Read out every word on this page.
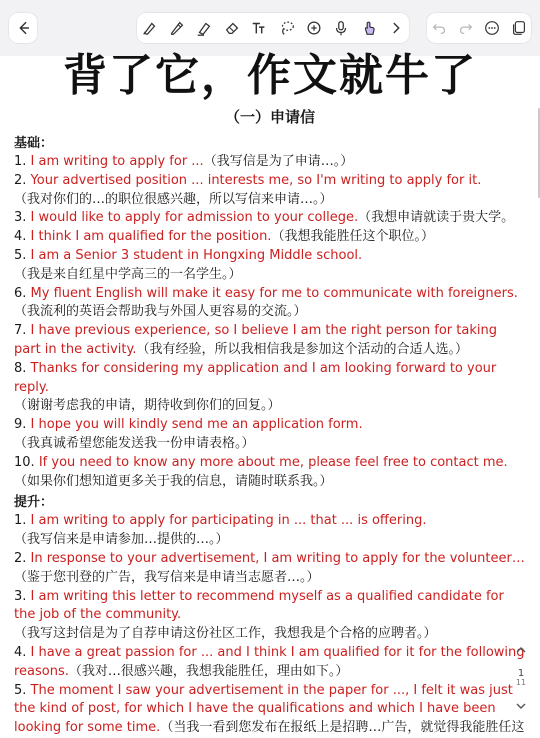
背了它，作文就牛了
（一）申请信
基础：
1. I am writing to apply for ...（我写信是为了申请…。）
2. Your advertised position ... interests me, so I'm writing to apply for it.
（我对你们的…的职位很感兴趣，所以写信来申请…。）
3. I would like to apply for admission to your college.（我想申请就读于贵大学。
4. I think I am qualified for the position.（我想我能胜任这个职位。）
5. I am a Senior 3 student in Hongxing Middle school.
（我是来自红星中学高三的一名学生。）
6. My fluent English will make it easy for me to communicate with foreigners.
（我流利的英语会帮助我与外国人更容易的交流。）
7. I have previous experience, so I believe I am the right person for taking part in the activity.（我有经验，所以我相信我是参加这个活动的合适人选。）
8. Thanks for considering my application and I am looking forward to your reply.
（谢谢考虑我的申请，期待收到你们的回复。）
9. I hope you will kindly send me an application form.
（我真诚希望您能发送我一份申请表格。）
10. If you need to know any more about me, please feel free to contact me.
（如果你们想知道更多关于我的信息，请随时联系我。）
提升：
1. I am writing to apply for participating in ... that ... is offering.
（我写信来是申请参加…提供的…。）
2. In response to your advertisement, I am writing to apply for the volunteer…
（鉴于您刊登的广告，我写信来是申请当志愿者…。）
3. I am writing this letter to recommend myself as a qualified candidate for the job of the community.
（我写这封信是为了自荐申请这份社区工作，我想我是个合格的应聘者。）
4. I have a great passion for ... and I think I am qualified for it for the following reasons.（我对…很感兴趣，我想我能胜任，理由如下。）
5. The moment I saw your advertisement in the paper for ..., I felt it was just the kind of post, for which I have the qualifications and which I have been looking for some time.（当我一看到您发布在报纸上是招聘…广告，就觉得我能胜任这
1
11
